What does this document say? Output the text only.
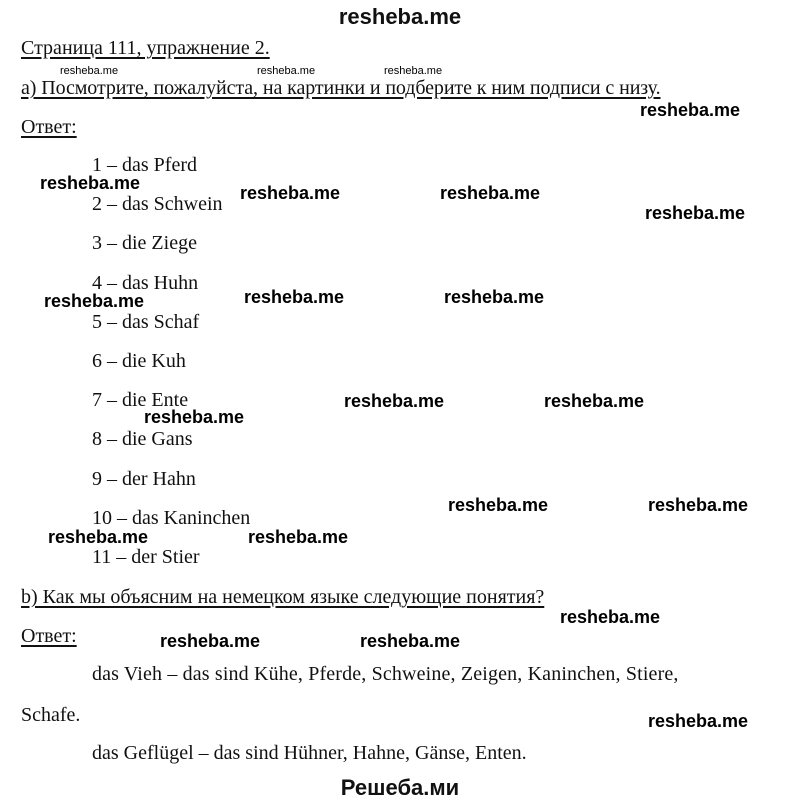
resheba.me
Страница 111, упражнение 2.
a) Посмотрите, пожалуйста, на картинки и подберите к ним подписи с низу.
Ответ:
1 – das Pferd
2 – das Schwein
3 – die Ziege
4 – das Huhn
5 – das Schaf
6 – die Kuh
7 – die Ente
8 – die Gans
9 – der Hahn
10 – das Kaninchen
11 – der Stier
b) Как мы объясним на немецком языке следующие понятия?
Ответ:
das Vieh – das sind Kühe, Pferde, Schweine, Zeigen, Kaninchen, Stiere,
Schafe.
das Geflügel – das sind Hühner, Hahne, Gänse, Enten.
Решеба.ми
resheba.me	resheba.me	resheba.me
resheba.me
resheba.me	resheba.me	resheba.me
resheba.me
resheba.me	resheba.me	resheba.me
resheba.me	resheba.me
resheba.me
resheba.me	resheba.me
resheba.me	resheba.me
resheba.me
resheba.me	resheba.me
resheba.me
